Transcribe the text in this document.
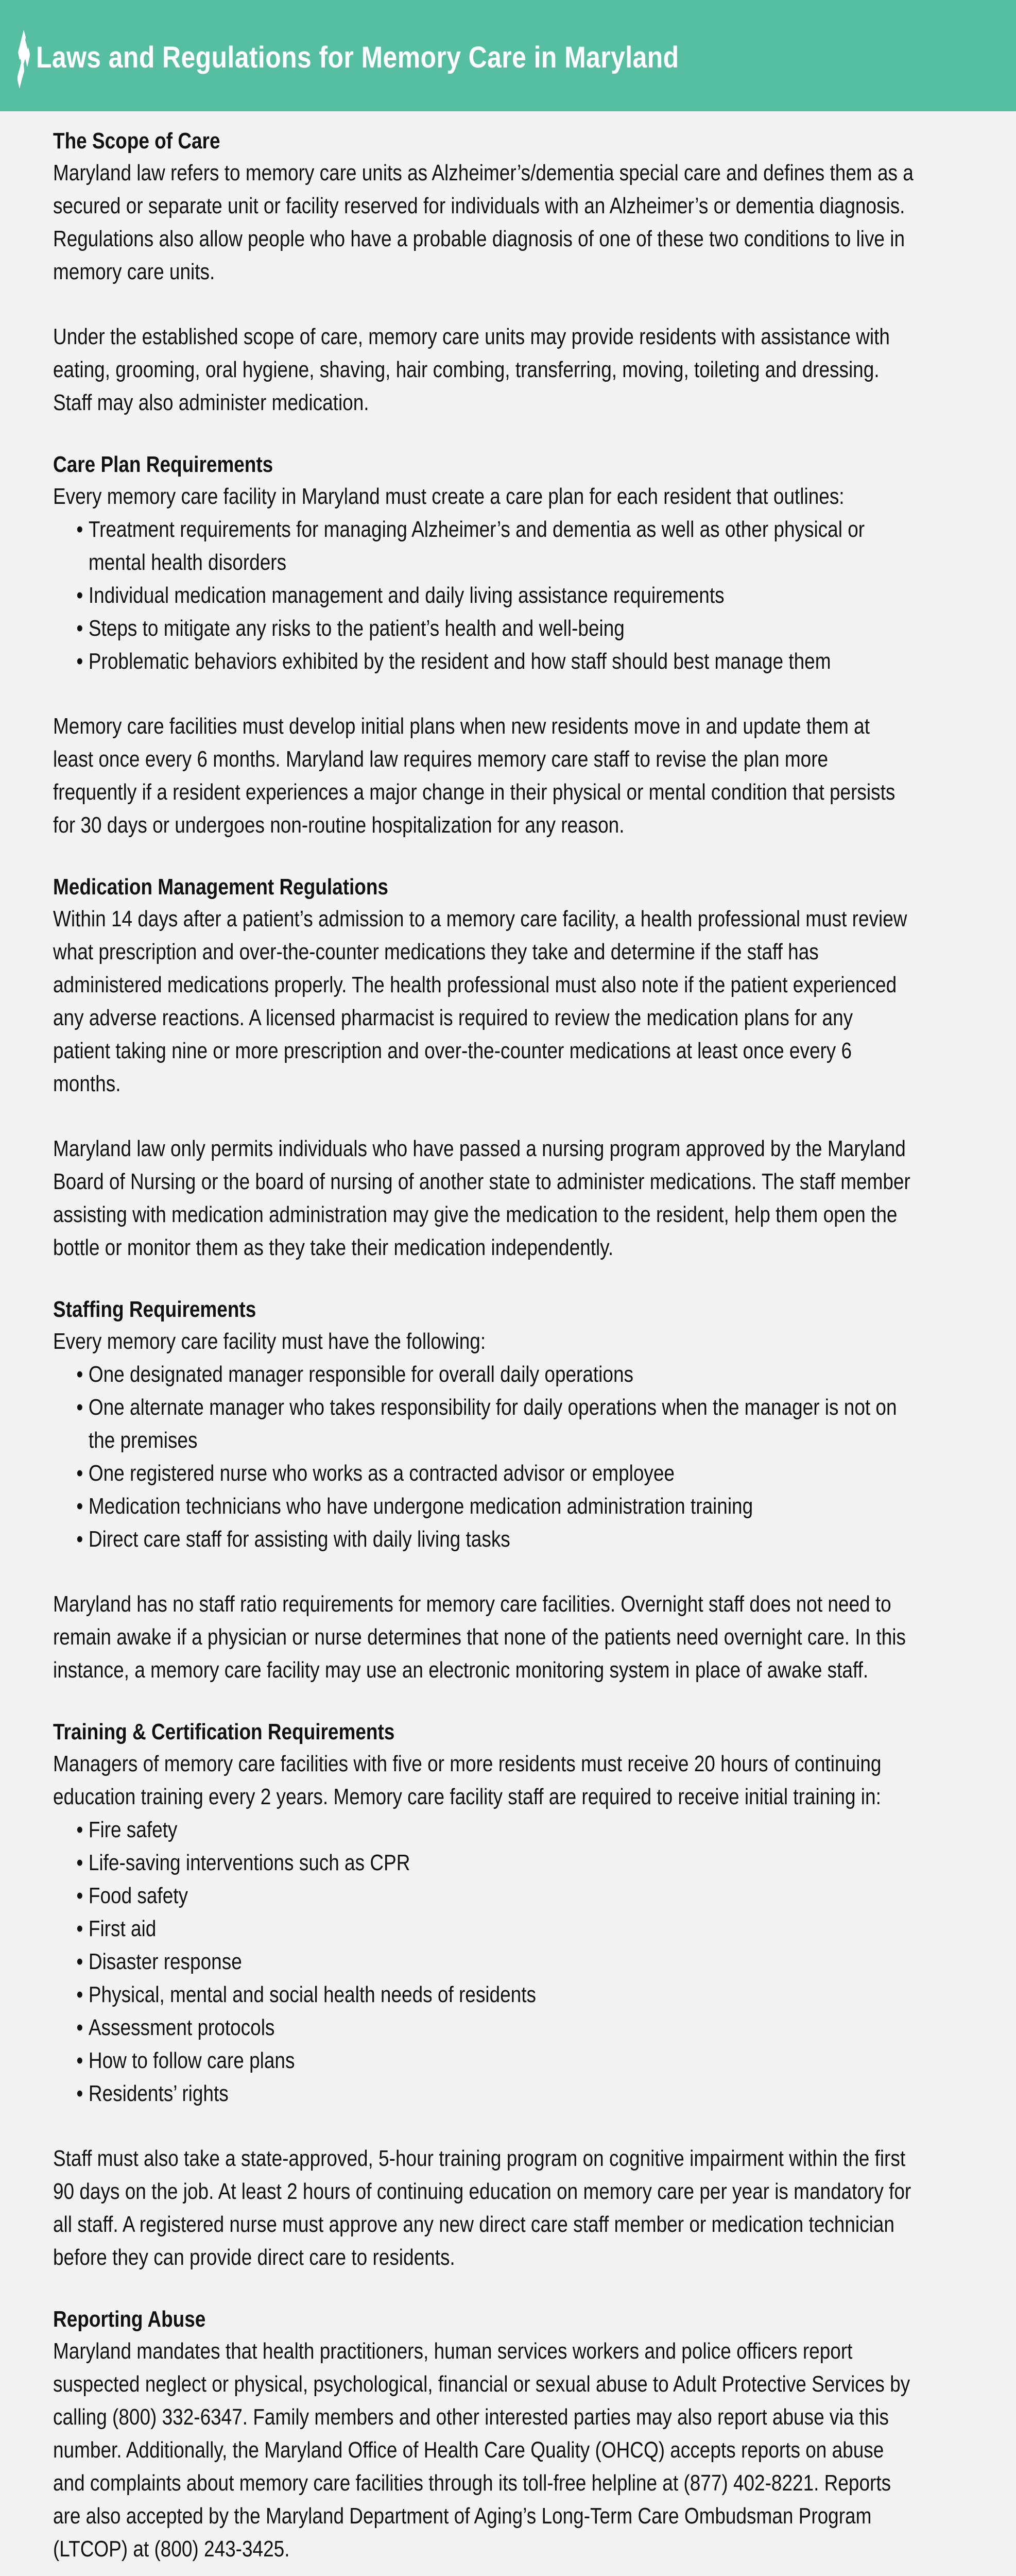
Laws and Regulations for Memory Care in Maryland
The Scope of Care

Maryland law refers to memory care units as Alzheimer’s/dementia special care and defines them as a secured or separate unit or facility reserved for individuals with an Alzheimer’s or dementia diagnosis. Regulations also allow people who have a probable diagnosis of one of these two conditions to live in memory care units.

Under the established scope of care, memory care units may provide residents with assistance with eating, grooming, oral hygiene, shaving, hair combing, transferring, moving, toileting and dressing. Staff may also administer medication.

Care Plan Requirements

Every memory care facility in Maryland must create a care plan for each resident that outlines:

• Treatment requirements for managing Alzheimer’s and dementia as well as other physical or mental health disorders
• Individual medication management and daily living assistance requirements
• Steps to mitigate any risks to the patient’s health and well-being
• Problematic behaviors exhibited by the resident and how staff should best manage them

Memory care facilities must develop initial plans when new residents move in and update them at least once every 6 months. Maryland law requires memory care staff to revise the plan more frequently if a resident experiences a major change in their physical or mental condition that persists for 30 days or undergoes non-routine hospitalization for any reason.

Medication Management Regulations

Within 14 days after a patient’s admission to a memory care facility, a health professional must review what prescription and over-the-counter medications they take and determine if the staff has administered medications properly. The health professional must also note if the patient experienced any adverse reactions. A licensed pharmacist is required to review the medication plans for any patient taking nine or more prescription and over-the-counter medications at least once every 6 months.

Maryland law only permits individuals who have passed a nursing program approved by the Maryland Board of Nursing or the board of nursing of another state to administer medications. The staff member assisting with medication administration may give the medication to the resident, help them open the bottle or monitor them as they take their medication independently.

Staffing Requirements

Every memory care facility must have the following:

• One designated manager responsible for overall daily operations
• One alternate manager who takes responsibility for daily operations when the manager is not on the premises
• One registered nurse who works as a contracted advisor or employee
• Medication technicians who have undergone medication administration training
• Direct care staff for assisting with daily living tasks

Maryland has no staff ratio requirements for memory care facilities. Overnight staff does not need to remain awake if a physician or nurse determines that none of the patients need overnight care. In this instance, a memory care facility may use an electronic monitoring system in place of awake staff.

Training & Certification Requirements

Managers of memory care facilities with five or more residents must receive 20 hours of continuing education training every 2 years. Memory care facility staff are required to receive initial training in:

• Fire safety
• Life-saving interventions such as CPR
• Food safety
• First aid
• Disaster response
• Physical, mental and social health needs of residents
• Assessment protocols
• How to follow care plans
• Residents’ rights

Staff must also take a state-approved, 5-hour training program on cognitive impairment within the first 90 days on the job. At least 2 hours of continuing education on memory care per year is mandatory for all staff. A registered nurse must approve any new direct care staff member or medication technician before they can provide direct care to residents.

Reporting Abuse

Maryland mandates that health practitioners, human services workers and police officers report suspected neglect or physical, psychological, financial or sexual abuse to Adult Protective Services by calling (800) 332-6347. Family members and other interested parties may also report abuse via this number. Additionally, the Maryland Office of Health Care Quality (OHCQ) accepts reports on abuse and complaints about memory care facilities through its toll-free helpline at (877) 402-8221. Reports are also accepted by the Maryland Department of Aging’s Long-Term Care Ombudsman Program (LTCOP) at (800) 243-3425.
